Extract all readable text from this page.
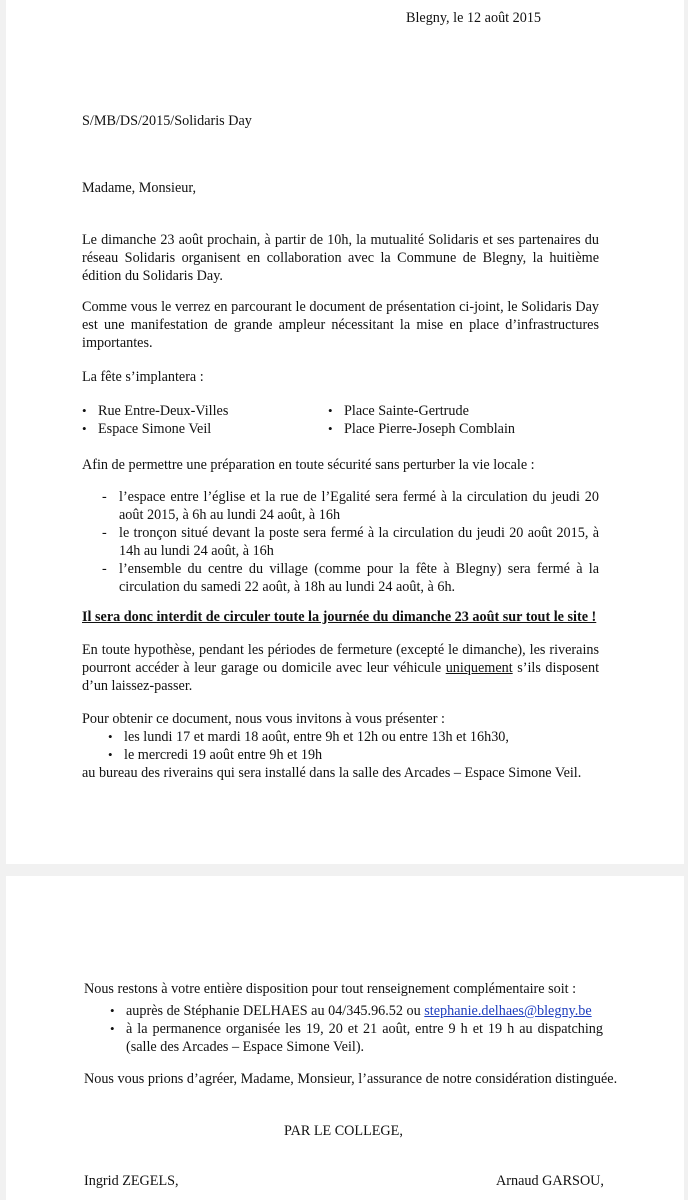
Blegny, le 12 août 2015
S/MB/DS/2015/Solidaris Day
Madame, Monsieur,

Le dimanche 23 août prochain, à partir de 10h, la mutualité Solidaris et ses partenaires du réseau Solidaris organisent en collaboration avec la Commune de Blegny, la huitième édition du Solidaris Day.

Comme vous le verrez en parcourant le document de présentation ci-joint, le Solidaris Day est une manifestation de grande ampleur nécessitant la mise en place d’infrastructures importantes.

La fête s’implantera :
• Rue Entre-Deux-Villes
• Espace Simone Veil
• Place Sainte-Gertrude
• Place Pierre-Joseph Comblain
Afin de permettre une préparation en toute sécurité sans perturber la vie locale :
- l’espace entre l’église et la rue de l’Egalité sera fermé à la circulation du jeudi 20 août 2015, à 6h au lundi 24 août, à 16h
- le tronçon situé devant la poste sera fermé à la circulation du jeudi 20 août 2015, à 14h au lundi 24 août, à 16h
- l’ensemble du centre du village (comme pour la fête à Blegny) sera fermé à la circulation du samedi 22 août, à 18h au lundi 24 août, à 6h.
Il sera donc interdit de circuler toute la journée du dimanche 23 août sur tout le site !

En toute hypothèse, pendant les périodes de fermeture (excepté le dimanche), les riverains pourront accéder à leur garage ou domicile avec leur véhicule uniquement s’ils disposent d’un laissez-passer.

Pour obtenir ce document, nous vous invitons à vous présenter :
• les lundi 17 et mardi 18 août, entre 9h et 12h ou entre 13h et 16h30,
• le mercredi 19 août entre 9h et 19h
au bureau des riverains qui sera installé dans la salle des Arcades – Espace Simone Veil.
Nous restons à votre entière disposition pour tout renseignement complémentaire soit :
• auprès de Stéphanie DELHAES au 04/345.96.52 ou stephanie.delhaes@blegny.be
• à la permanence organisée les 19, 20 et 21 août, entre 9 h et 19 h au dispatching (salle des Arcades – Espace Simone Veil).
Nous vous prions d’agréer, Madame, Monsieur, l’assurance de notre considération distinguée.
PAR LE COLLEGE,
Ingrid ZEGELS,	Arnaud GARSOU,
